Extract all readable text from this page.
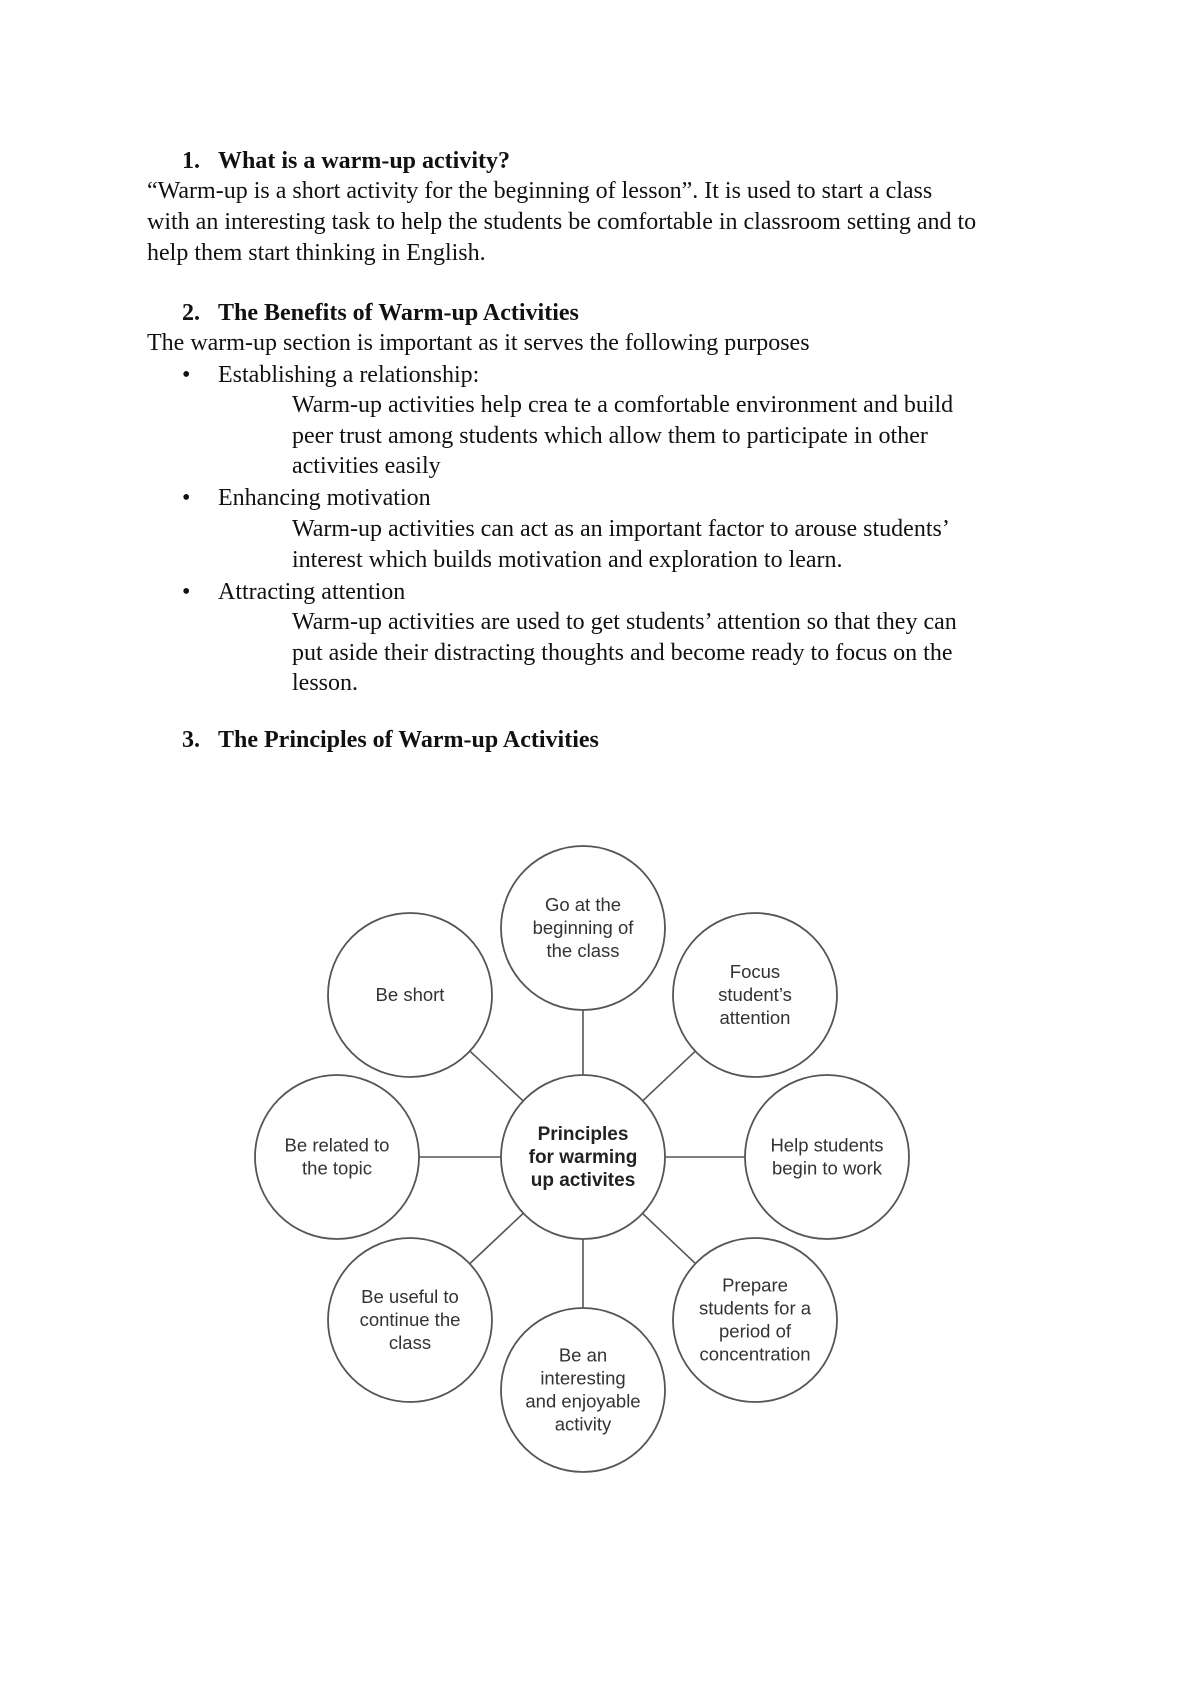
1. What is a warm-up activity?

“Warm-up is a short activity for the beginning of lesson”. It is used to start a class

with an interesting task to help the students be comfortable in classroom setting and to

help them start thinking in English.

2. The Benefits of Warm-up Activities
The warm-up section is important as it serves the following purposes
• Establishing a relationship:
Warm-up activities help crea te a comfortable environment and build
peer trust among students which allow them to participate in other
activities easily
• Enhancing motivation
Warm-up activities can act as an important factor to arouse students’
interest which builds motivation and exploration to learn.
• Attracting attention
Warm-up activities are used to get students’ attention so that they can
put aside their distracting thoughts and become ready to focus on the
lesson.
3. The Principles of Warm-up Activities
Go at the beginning of the class
Focus student’s attention
Help students begin to work
Prepare students for a period of concentration
Be an interesting and enjoyable activity
Be useful to continue the class
Be related to the topic
Be short
Principles for warming up activites
